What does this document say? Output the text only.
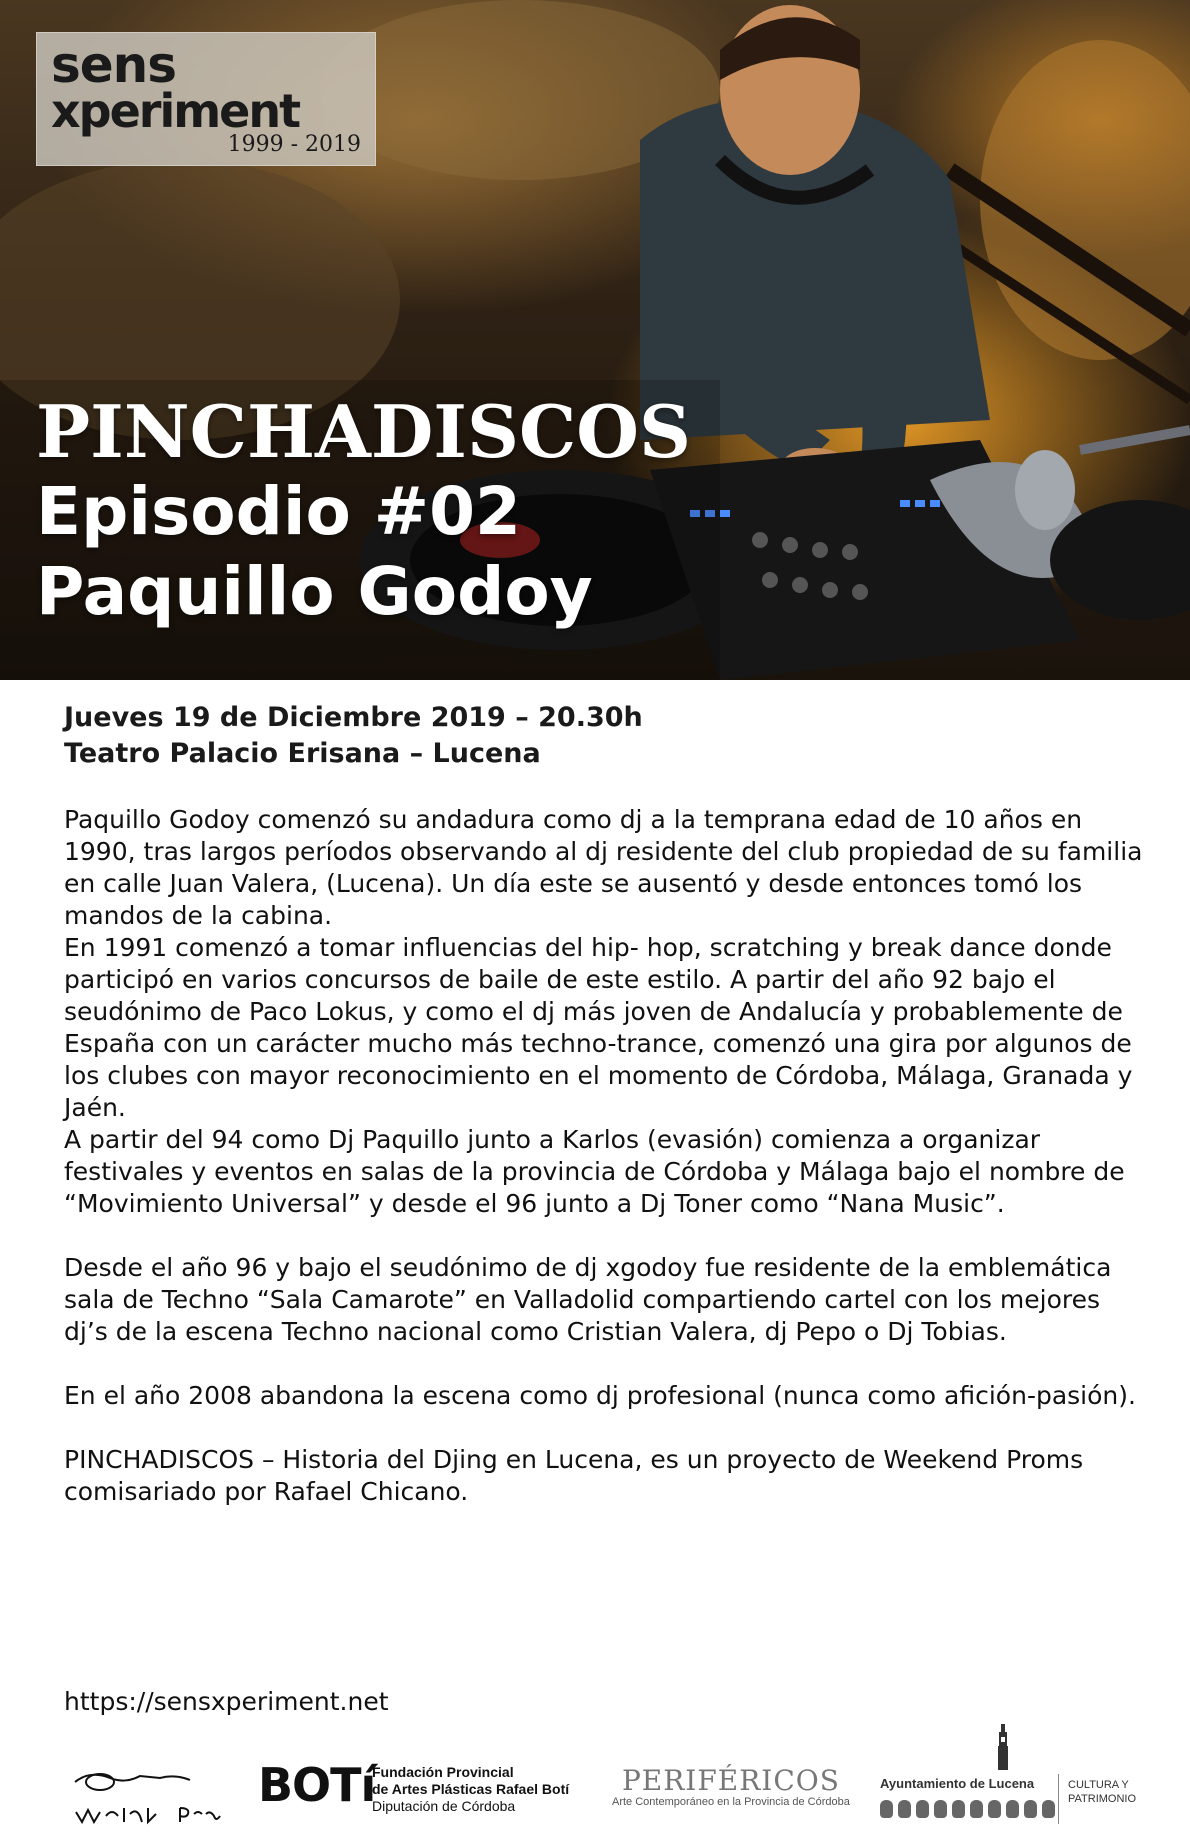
sens
xperiment
1999 - 2019
PINCHADISCOS
Episodio #02
Paquillo Godoy
Jueves 19 de Diciembre 2019 – 20.30h
Teatro Palacio Erisana – Lucena

Paquillo Godoy comenzó su andadura como dj a la temprana edad de 10 años en 1990, tras largos períodos observando al dj residente del club propiedad de su familia en calle Juan Valera, (Lucena). Un día este se ausentó y desde entonces tomó los mandos de la cabina.

En 1991 comenzó a tomar influencias del hip- hop, scratching y break dance donde participó en varios concursos de baile de este estilo. A partir del año 92 bajo el seudónimo de Paco Lokus, y como el dj más joven de Andalucía y probablemente de España con un carácter mucho más techno-trance, comenzó una gira por algunos de los clubes con mayor reconocimiento en el momento de Córdoba, Málaga, Granada y Jaén.

A partir del 94 como Dj Paquillo junto a Karlos (evasión) comienza a organizar festivales y eventos en salas de la provincia de Córdoba y Málaga bajo el nombre de “Movimiento Universal” y desde el 96 junto a Dj Toner como “Nana Music”.

Desde el año 96 y bajo el seudónimo de dj xgodoy fue residente de la emblemática sala de Techno “Sala Camarote” en Valladolid compartiendo cartel con los mejores dj’s de la escena Techno nacional como Cristian Valera, dj Pepo o Dj Tobias.

En el año 2008 abandona la escena como dj profesional (nunca como afición-pasión).

PINCHADISCOS – Historia del Djing en Lucena, es un proyecto de Weekend Proms comisariado por Rafael Chicano.

https://sensxperiment.net
BOTí
Fundación Provincial
de Artes Plásticas Rafael Botí
Diputación de Córdoba
PERIFÉRICOS
Arte Contemporáneo en la Provincia de Córdoba
Ayuntamiento de Lucena	CULTURA Y
PATRIMONIO
